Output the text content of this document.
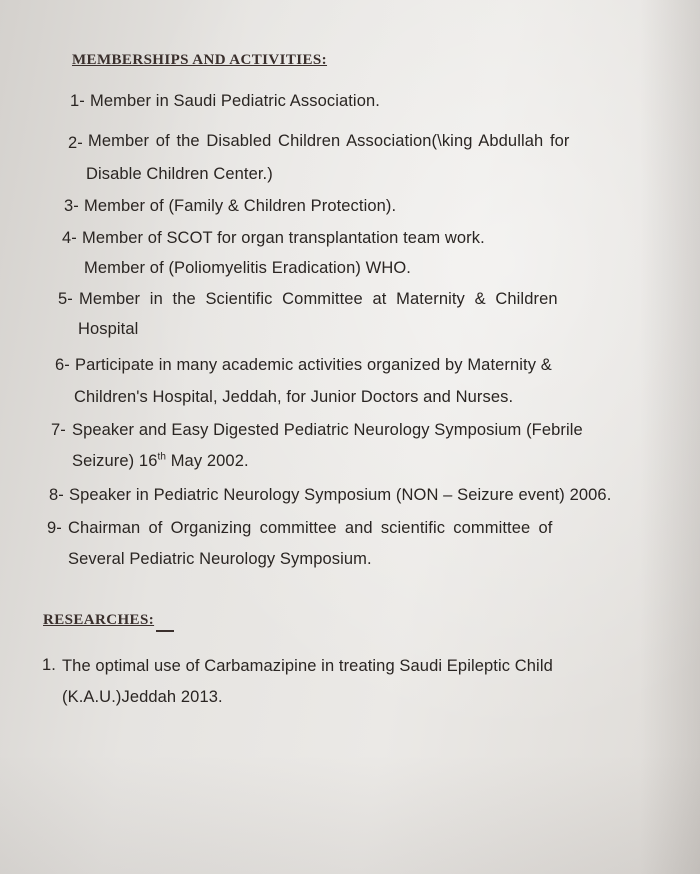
MEMBERSHIPS AND ACTIVITIES:
1- Member in Saudi Pediatric Association.
2- Member of the Disabled Children Association(\king Abdullah for
Disable Children Center.)
3- Member of (Family & Children Protection).
4- Member of SCOT for organ transplantation team work.
Member of (Poliomyelitis Eradication) WHO.
5- Member in the Scientific Committee at Maternity & Children
Hospital
6- Participate in many academic activities organized by Maternity &
Children's Hospital, Jeddah, for Junior Doctors and Nurses.
7- Speaker and Easy Digested Pediatric Neurology Symposium (Febrile
Seizure) 16th May 2002.
8- Speaker in Pediatric Neurology Symposium (NON – Seizure event) 2006.
9- Chairman of Organizing committee and scientific committee of
Several Pediatric Neurology Symposium.
RESEARCHES:
1. The optimal use of Carbamazipine in treating Saudi Epileptic Child
(K.A.U.)Jeddah 2013.
